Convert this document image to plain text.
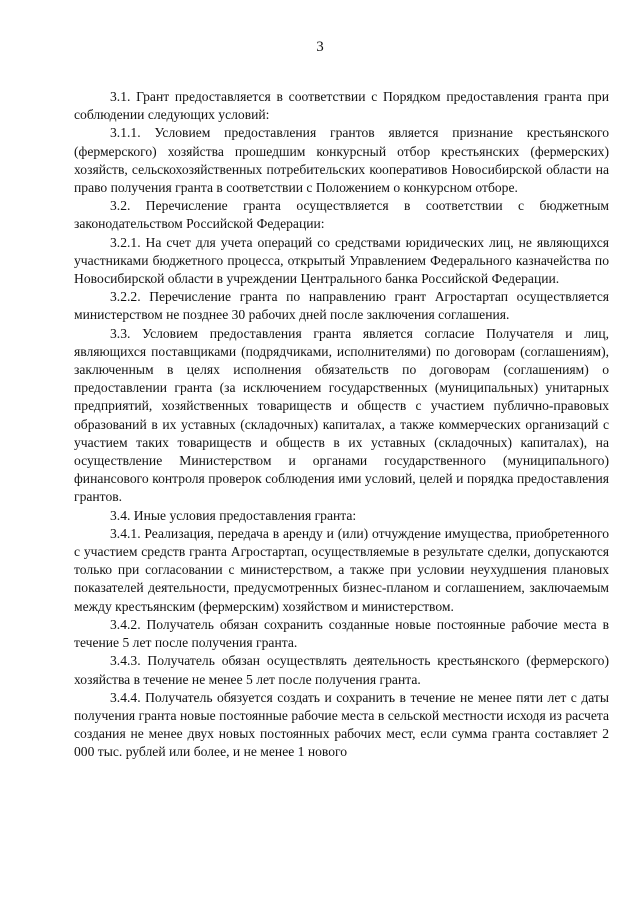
3

3.1. Грант предоставляется в соответствии с Порядком предоставления гранта при соблюдении следующих условий:

3.1.1. Условием предоставления грантов является признание крестьянского (фермерского) хозяйства прошедшим конкурсный отбор крестьянских (фермерских) хозяйств, сельскохозяйственных потребительских кооперативов Новосибирской области на право получения гранта в соответствии с Положением о конкурсном отборе.

3.2. Перечисление гранта осуществляется в соответствии с бюджетным законодательством Российской Федерации:

3.2.1. На счет для учета операций со средствами юридических лиц, не являющихся участниками бюджетного процесса, открытый Управлением Федерального казначейства по Новосибирской области в учреждении Центрального банка Российской Федерации.

3.2.2. Перечисление гранта по направлению грант Агростартап осуществляется министерством не позднее 30 рабочих дней после заключения соглашения.

3.3. Условием предоставления гранта является согласие Получателя и лиц, являющихся поставщиками (подрядчиками, исполнителями) по договорам (соглашениям), заключенным в целях исполнения обязательств по договорам (соглашениям) о предоставлении гранта (за исключением государственных (муниципальных) унитарных предприятий, хозяйственных товариществ и обществ с участием публично-правовых образований в их уставных (складочных) капиталах, а также коммерческих организаций с участием таких товариществ и обществ в их уставных (складочных) капиталах), на осуществление Министерством и органами государственного (муниципального) финансового контроля проверок соблюдения ими условий, целей и порядка предоставления грантов.

3.4. Иные условия предоставления гранта:

3.4.1. Реализация, передача в аренду и (или) отчуждение имущества, приобретенного с участием средств гранта Агростартап, осуществляемые в результате сделки, допускаются только при согласовании с министерством, а также при условии неухудшения плановых показателей деятельности, предусмотренных бизнес-планом и соглашением, заключаемым между крестьянским (фермерским) хозяйством и министерством.

3.4.2. Получатель обязан сохранить созданные новые постоянные рабочие места в течение 5 лет после получения гранта.

3.4.3. Получатель обязан осуществлять деятельность крестьянского (фермерского) хозяйства в течение не менее 5 лет после получения гранта.

3.4.4. Получатель обязуется создать и сохранить в течение не менее пяти лет с даты получения гранта новые постоянные рабочие места в сельской местности исходя из расчета создания не менее двух новых постоянных рабочих мест, если сумма гранта составляет 2 000 тыс. рублей или более, и не менее 1 нового
